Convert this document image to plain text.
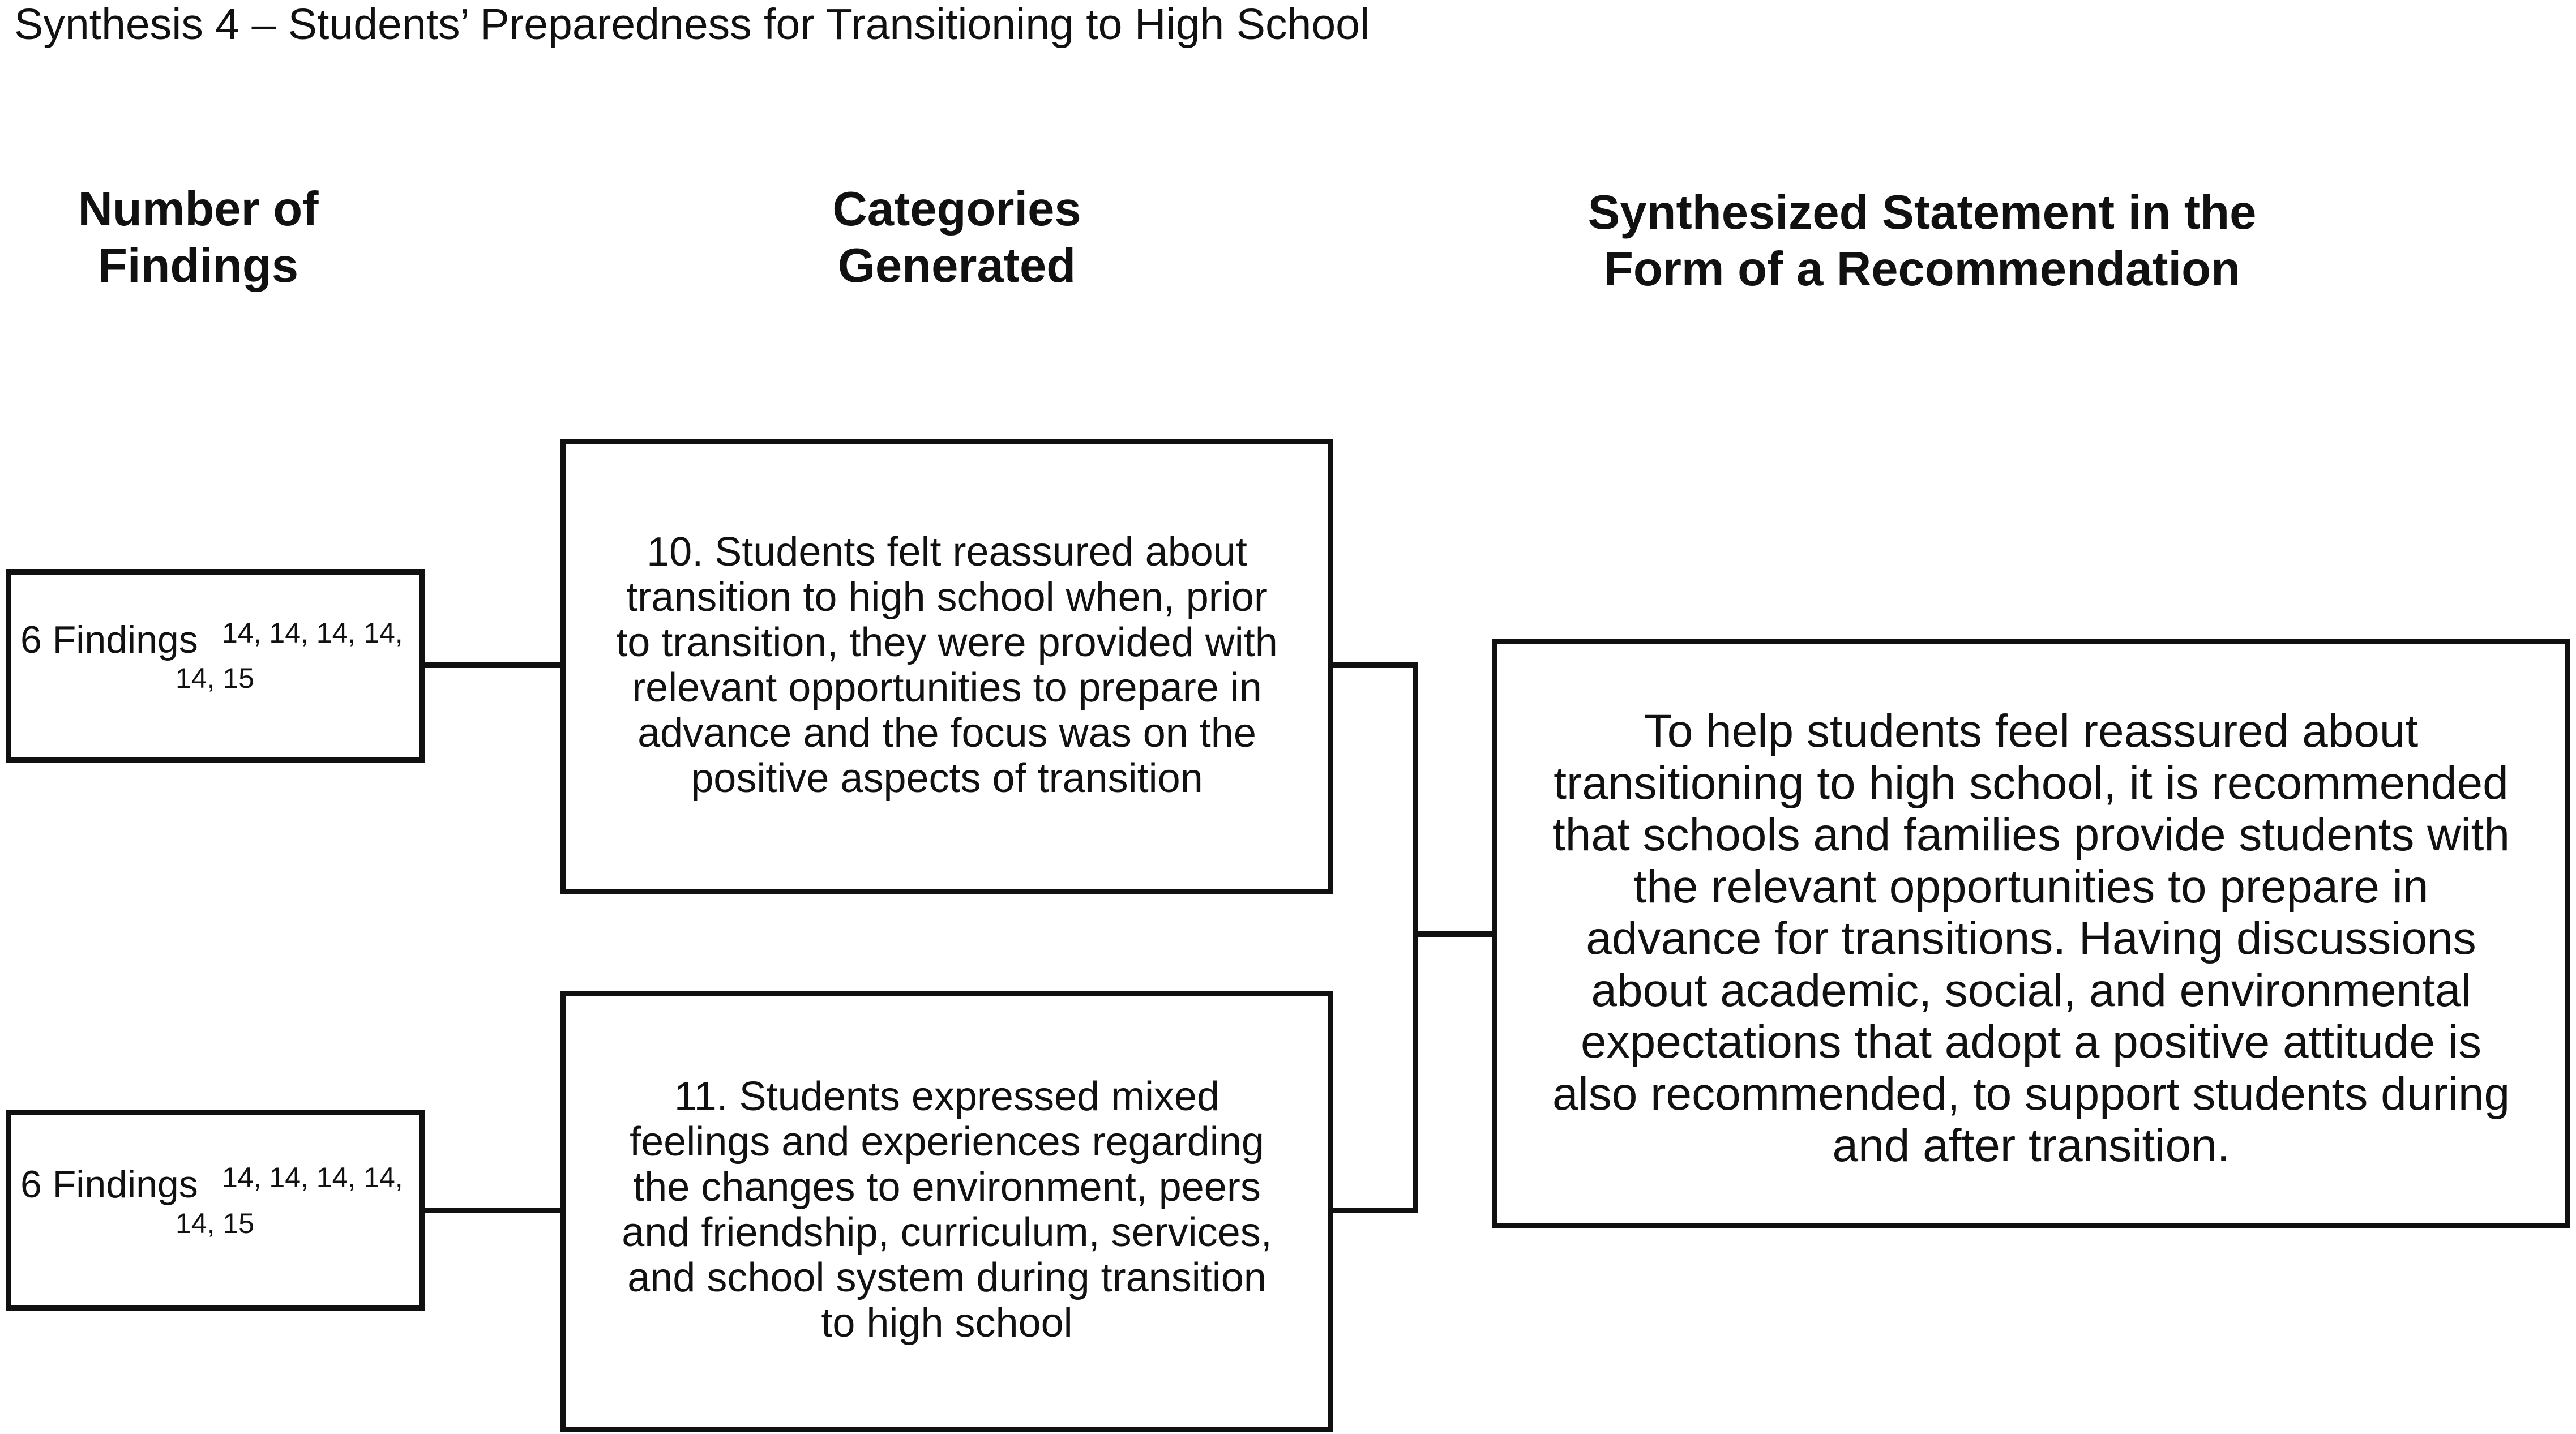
Synthesis 4 – Students’ Preparedness for Transitioning to High School
Number of
Findings
Categories
Generated
Synthesized Statement in the
Form of a Recommendation
6 Findings 14, 14, 14, 14,
14, 15
6 Findings 14, 14, 14, 14,
14, 15
10. Students felt reassured about
transition to high school when, prior
to transition, they were provided with
relevant opportunities to prepare in
advance and the focus was on the
positive aspects of transition
11. Students expressed mixed
feelings and experiences regarding
the changes to environment, peers
and friendship, curriculum, services,
and school system during transition
to high school
To help students feel reassured about
transitioning to high school, it is recommended
that schools and families provide students with
the relevant opportunities to prepare in
advance for transitions. Having discussions
about academic, social, and environmental
expectations that adopt a positive attitude is
also recommended, to support students during
and after transition.
